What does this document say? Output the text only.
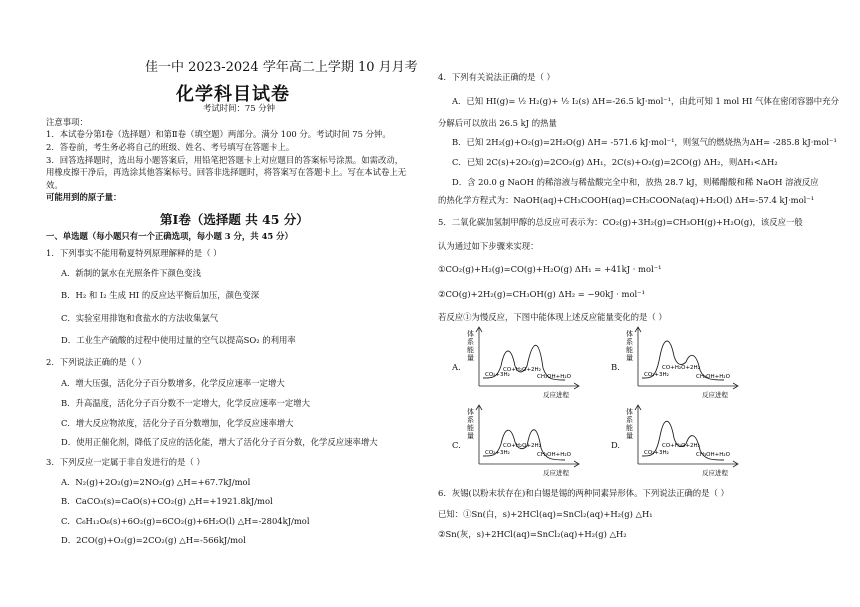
佳一中 2023-2024 学年高二上学期 10 月月考
化学科目试卷
考试时间：75 分钟
注意事项：
1．本试卷分第Ⅰ卷（选择题）和第Ⅱ卷（填空题）两部分。满分 100 分。考试时间 75 分钟。
2．答卷前，考生务必将自己的班级、姓名、考号填写在答题卡上。
3．回答选择题时，选出每小题答案后，用铅笔把答题卡上对应题目的答案标号涂黑。如需改动，
用橡皮擦干净后，再选涂其他答案标号。回答非选择题时，将答案写在答题卡上。写在本试卷上无
效。
可能用到的原子量：
第Ⅰ卷（选择题 共 45 分）
一、单选题（每小题只有一个正确选项，每小题 3 分，共 45 分）
1．下列事实不能用勒夏特列原理解释的是（ ）
A．新制的氯水在光照条件下颜色变浅
B．H₂ 和 I₂ 生成 HI 的反应达平衡后加压，颜色变深
C．实验室用排饱和食盐水的方法收集氯气
D．工业生产硫酸的过程中使用过量的空气以提高SO₂ 的利用率
2．下列说法正确的是（ ）
A．增大压强，活化分子百分数增多，化学反应速率一定增大
B．升高温度，活化分子百分数不一定增大，化学反应速率一定增大
C．增大反应物浓度，活化分子百分数增加，化学反应速率增大
D．使用正催化剂，降低了反应的活化能，增大了活化分子百分数，化学反应速率增大
3．下列反应一定属于非自发进行的是（ ）
A．N₂(g)+2O₂(g)=2NO₂(g) △H=+67.7kJ/mol
B．CaCO₃(s)=CaO(s)+CO₂(g) △H=+1921.8kJ/mol
C．C₆H₁₂O₆(s)+6O₂(g)=6CO₂(g)+6H₂O(l) △H=-2804kJ/mol
D．2CO(g)+O₂(g)=2CO₂(g) △H=-566kJ/mol
4．下列有关说法正确的是（ ）
A．已知 HI(g)= ½ H₂(g)+ ½ I₂(s) ΔH=-26.5 kJ·mol⁻¹，由此可知 1 mol HI 气体在密闭容器中充分
分解后可以放出 26.5 kJ 的热量
B．已知 2H₂(g)+O₂(g)=2H₂O(g) ΔH= -571.6 kJ·mol⁻¹，则氢气的燃烧热为ΔH= -285.8 kJ·mol⁻¹
C．已知 2C(s)+2O₂(g)=2CO₂(g) ΔH₁，2C(s)+O₂(g)=2CO(g) ΔH₂，则ΔH₁<ΔH₂
D．含 20.0 g NaOH 的稀溶液与稀盐酸完全中和，放热 28.7 kJ，则稀醋酸和稀 NaOH 溶液反应
的热化学方程式为：NaOH(aq)+CH₃COOH(aq)=CH₃COONa(aq)+H₂O(l) ΔH=-57.4 kJ·mol⁻¹
5．二氧化碳加氢制甲醇的总反应可表示为：CO₂(g)+3H₂(g)=CH₃OH(g)+H₂O(g)，该反应一般
认为通过如下步骤来实现：
①CO₂(g)+H₂(g)=CO(g)+H₂O(g) ΔH₁ = +41kJ · mol⁻¹
②CO(g)+2H₂(g)=CH₃OH(g) ΔH₂ = −90kJ · mol⁻¹
若反应①为慢反应，下图中能体现上述反应能量变化的是（ ）
A.	B.
C.	D.
体
系
能
量
反应进程
CO₂+3H₂
CO+H₂O+2H₂
CH₃OH+H₂O
体
系
能
量
反应进程
CO₂+3H₂
CO+H₂O+2H₂
CH₃OH+H₂O
体
系
能
量
反应进程
CO₂+3H₂
CO+H₂O+2H₂
CH₃OH+H₂O
体
系
能
量
反应进程
CO₂+3H₂
CO+H₂O+2H₂
CH₃OH+H₂O
6．灰锡(以粉末状存在)和白锡是锡的两种同素异形体。下列说法正确的是（ ）
已知：①Sn(白，s)+2HCl(aq)=SnCl₂(aq)+H₂(g) △H₁
②Sn(灰，s)+2HCl(aq)=SnCl₂(aq)+H₂(g) △H₂
